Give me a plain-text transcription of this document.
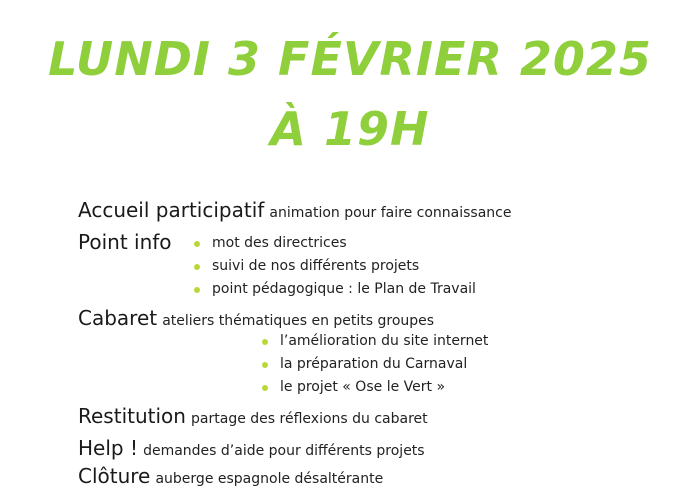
LUNDI 3 FÉVRIER 2025
À 19H
Accueil participatif animation pour faire connaissance
Point info	mot des directrices
suivi de nos différents projets
point pédagogique : le Plan de Travail
Cabaret ateliers thématiques en petits groupes
l’amélioration du site internet
la préparation du Carnaval
le projet « Ose le Vert »
Restitution partage des réflexions du cabaret
Help ! demandes d’aide pour différents projets
Clôture auberge espagnole désaltérante
